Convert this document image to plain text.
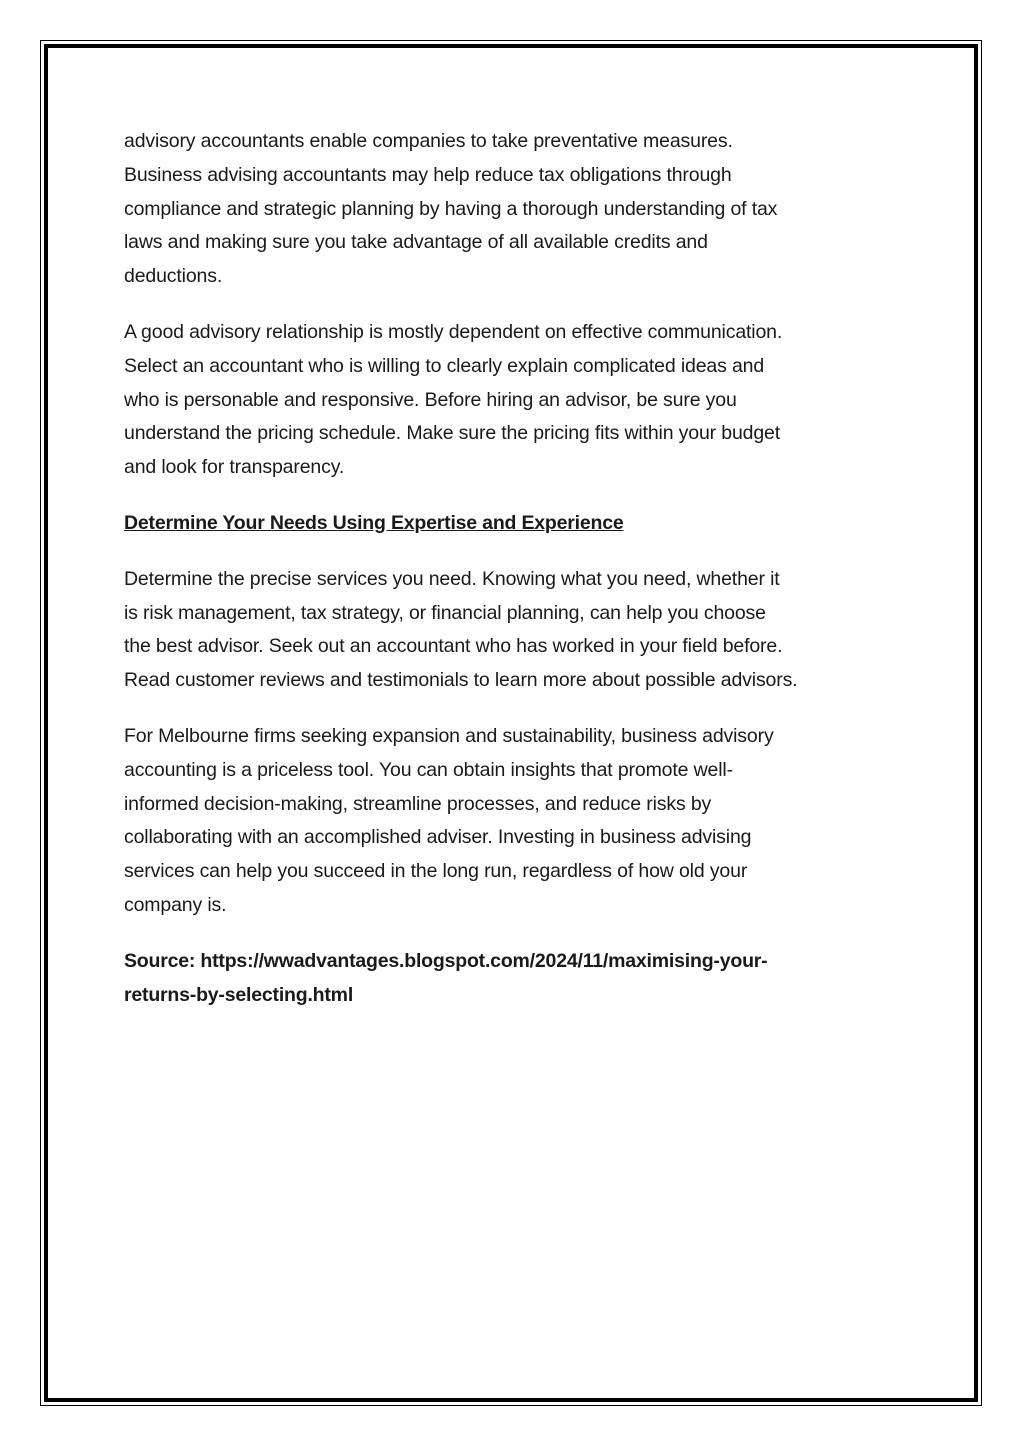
advisory accountants enable companies to take preventative measures.
Business advising accountants may help reduce tax obligations through
compliance and strategic planning by having a thorough understanding of tax
laws and making sure you take advantage of all available credits and
deductions.

A good advisory relationship is mostly dependent on effective communication.
Select an accountant who is willing to clearly explain complicated ideas and
who is personable and responsive. Before hiring an advisor, be sure you
understand the pricing schedule. Make sure the pricing fits within your budget
and look for transparency.

Determine Your Needs Using Expertise and Experience

Determine the precise services you need. Knowing what you need, whether it
is risk management, tax strategy, or financial planning, can help you choose
the best advisor. Seek out an accountant who has worked in your field before.
Read customer reviews and testimonials to learn more about possible advisors.

For Melbourne firms seeking expansion and sustainability, business advisory
accounting is a priceless tool. You can obtain insights that promote well-
informed decision-making, streamline processes, and reduce risks by
collaborating with an accomplished adviser. Investing in business advising
services can help you succeed in the long run, regardless of how old your
company is.

Source: https://wwadvantages.blogspot.com/2024/11/maximising-your-
returns-by-selecting.html
